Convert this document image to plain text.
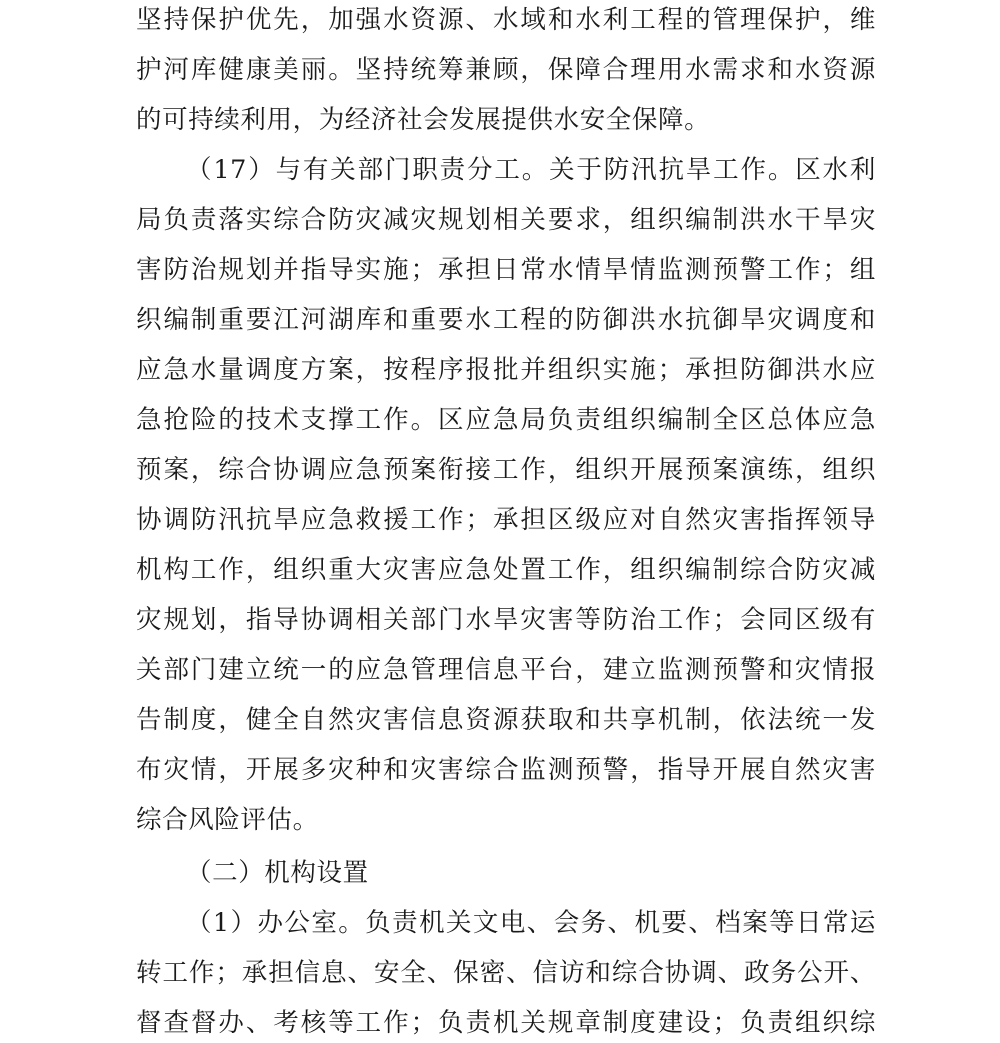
坚持保护优先，加强水资源、水域和水利工程的管理保护，维
护河库健康美丽。坚持统筹兼顾，保障合理用水需求和水资源
的可持续利用，为经济社会发展提供水安全保障。
（17）与有关部门职责分工。关于防汛抗旱工作。区水利
局负责落实综合防灾减灾规划相关要求，组织编制洪水干旱灾
害防治规划并指导实施；承担日常水情旱情监测预警工作；组
织编制重要江河湖库和重要水工程的防御洪水抗御旱灾调度和
应急水量调度方案，按程序报批并组织实施；承担防御洪水应
急抢险的技术支撑工作。区应急局负责组织编制全区总体应急
预案，综合协调应急预案衔接工作，组织开展预案演练，组织
协调防汛抗旱应急救援工作；承担区级应对自然灾害指挥领导
机构工作，组织重大灾害应急处置工作，组织编制综合防灾减
灾规划，指导协调相关部门水旱灾害等防治工作；会同区级有
关部门建立统一的应急管理信息平台，建立监测预警和灾情报
告制度，健全自然灾害信息资源获取和共享机制，依法统一发
布灾情，开展多灾种和灾害综合监测预警，指导开展自然灾害
综合风险评估。
（二）机构设置
（1）办公室。负责机关文电、会务、机要、档案等日常运
转工作；承担信息、安全、保密、信访和综合协调、政务公开、
督查督办、考核等工作；负责机关规章制度建设；负责组织综
